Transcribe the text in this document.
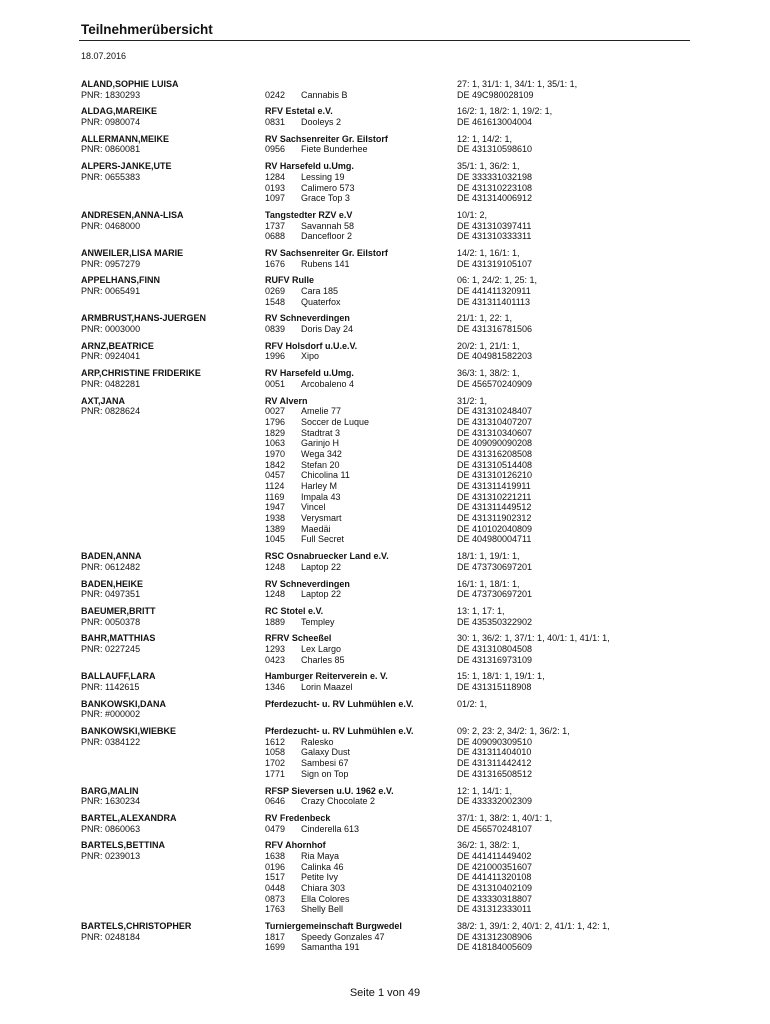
Teilnehmerübersicht
18.07.2016
ALAND,SOPHIE LUISA
PNR: 1830293	0242 Cannabis B
27: 1, 31/1: 1, 34/1: 1, 35/1: 1,
DE 49C980028109
ALDAG,MAREIKE
PNR: 0980074
RFV Estetal e.V.
0831 Dooleys 2
16/2: 1, 18/2: 1, 19/2: 1,
DE 461613004004
ALLERMANN,MEIKE
PNR: 0860081
RV Sachsenreiter Gr. Eilstorf
0956 Fiete Bunderhee
12: 1, 14/2: 1,
DE 431310598610
ALPERS-JANKE,UTE
PNR: 0655383
RV Harsefeld u.Umg.
1284 Lessing 19
0193 Calimero 573
1097 Grace Top 3
35/1: 1, 36/2: 1,
DE 333331032198
DE 431310223108
DE 431314006912
ANDRESEN,ANNA-LISA
PNR: 0468000
Tangstedter RZV e.V
1737 Savannah 58
0688 Dancefloor 2
10/1: 2,
DE 431310397411
DE 431310333311
ANWEILER,LISA MARIE
PNR: 0957279
RV Sachsenreiter Gr. Eilstorf
1676 Rubens 141
14/2: 1, 16/1: 1,
DE 431319105107
APPELHANS,FINN
PNR: 0065491
RUFV Rulle
0269 Cara 185
1548 Quaterfox
06: 1, 24/2: 1, 25: 1,
DE 441411320911
DE 431311401113
ARMBRUST,HANS-JUERGEN
PNR: 0003000
RV Schneverdingen
0839 Doris Day 24
21/1: 1, 22: 1,
DE 431316781506
ARNZ,BEATRICE
PNR: 0924041
RFV Holsdorf u.U.e.V.
1996 Xipo
20/2: 1, 21/1: 1,
DE 404981582203
ARP,CHRISTINE FRIDERIKE
PNR: 0482281
RV Harsefeld u.Umg.
0051 Arcobaleno 4
36/3: 1, 38/2: 1,
DE 456570240909
AXT,JANA
PNR: 0828624
RV Alvern
0027 Amelie 77
1796 Soccer de Luque
1829 Stadtrat 3
1063 Garinjo H
1970 Wega 342
1842 Stefan 20
0457 Chicolina 11
1124 Harley M
1169 Impala 43
1947 Vincel
1938 Verysmart
1389 Maedäi
1045 Full Secret
31/2: 1,
DE 431310248407
DE 431310407207
DE 431310340607
DE 409090090208
DE 431316208508
DE 431310514408
DE 431310126210
DE 431311419911
DE 431310221211
DE 431311449512
DE 431311902312
DE 410102040809
DE 404980004711
BADEN,ANNA
PNR: 0612482
RSC Osnabruecker Land e.V.
1248 Laptop 22
18/1: 1, 19/1: 1,
DE 473730697201
BADEN,HEIKE
PNR: 0497351
RV Schneverdingen
1248 Laptop 22
16/1: 1, 18/1: 1,
DE 473730697201
BAEUMER,BRITT
PNR: 0050378
RC Stotel e.V.
1889 Templey
13: 1, 17: 1,
DE 435350322902
BAHR,MATTHIAS
PNR: 0227245
RFRV Scheeßel
1293 Lex Largo
0423 Charles 85
30: 1, 36/2: 1, 37/1: 1, 40/1: 1, 41/1: 1,
DE 431310804508
DE 431316973109
BALLAUFF,LARA
PNR: 1142615
Hamburger Reiterverein e. V.
1346 Lorin Maazel
15: 1, 18/1: 1, 19/1: 1,
DE 431315118908
BANKOWSKI,DANA
PNR: #000002
Pferdezucht- u. RV Luhmühlen e.V.	01/2: 1,
BANKOWSKI,WIEBKE
PNR: 0384122
Pferdezucht- u. RV Luhmühlen e.V.
1612 Ralesko
1058 Galaxy Dust
1702 Sambesi 67
1771 Sign on Top
09: 2, 23: 2, 34/2: 1, 36/2: 1,
DE 409090309510
DE 431311404010
DE 431311442412
DE 431316508512
BARG,MALIN
PNR: 1630234
RFSP Sieversen u.U. 1962 e.V.
0646 Crazy Chocolate 2
12: 1, 14/1: 1,
DE 433332002309
BARTEL,ALEXANDRA
PNR: 0860063
RV Fredenbeck
0479 Cinderella 613
37/1: 1, 38/2: 1, 40/1: 1,
DE 456570248107
BARTELS,BETTINA
PNR: 0239013
RFV Ahornhof
1638 Ria Maya
0196 Calinka 46
1517 Petite Ivy
0448 Chiara 303
0873 Ella Colores
1763 Shelly Bell
36/2: 1, 38/2: 1,
DE 441411449402
DE 421000351607
DE 441411320108
DE 431310402109
DE 433330318807
DE 431312333011
BARTELS,CHRISTOPHER
PNR: 0248184
Turniergemeinschaft Burgwedel
1817 Speedy Gonzales 47
1699 Samantha 191
38/2: 1, 39/1: 2, 40/1: 2, 41/1: 1, 42: 1,
DE 431312308906
DE 418184005609
Seite 1 von 49
